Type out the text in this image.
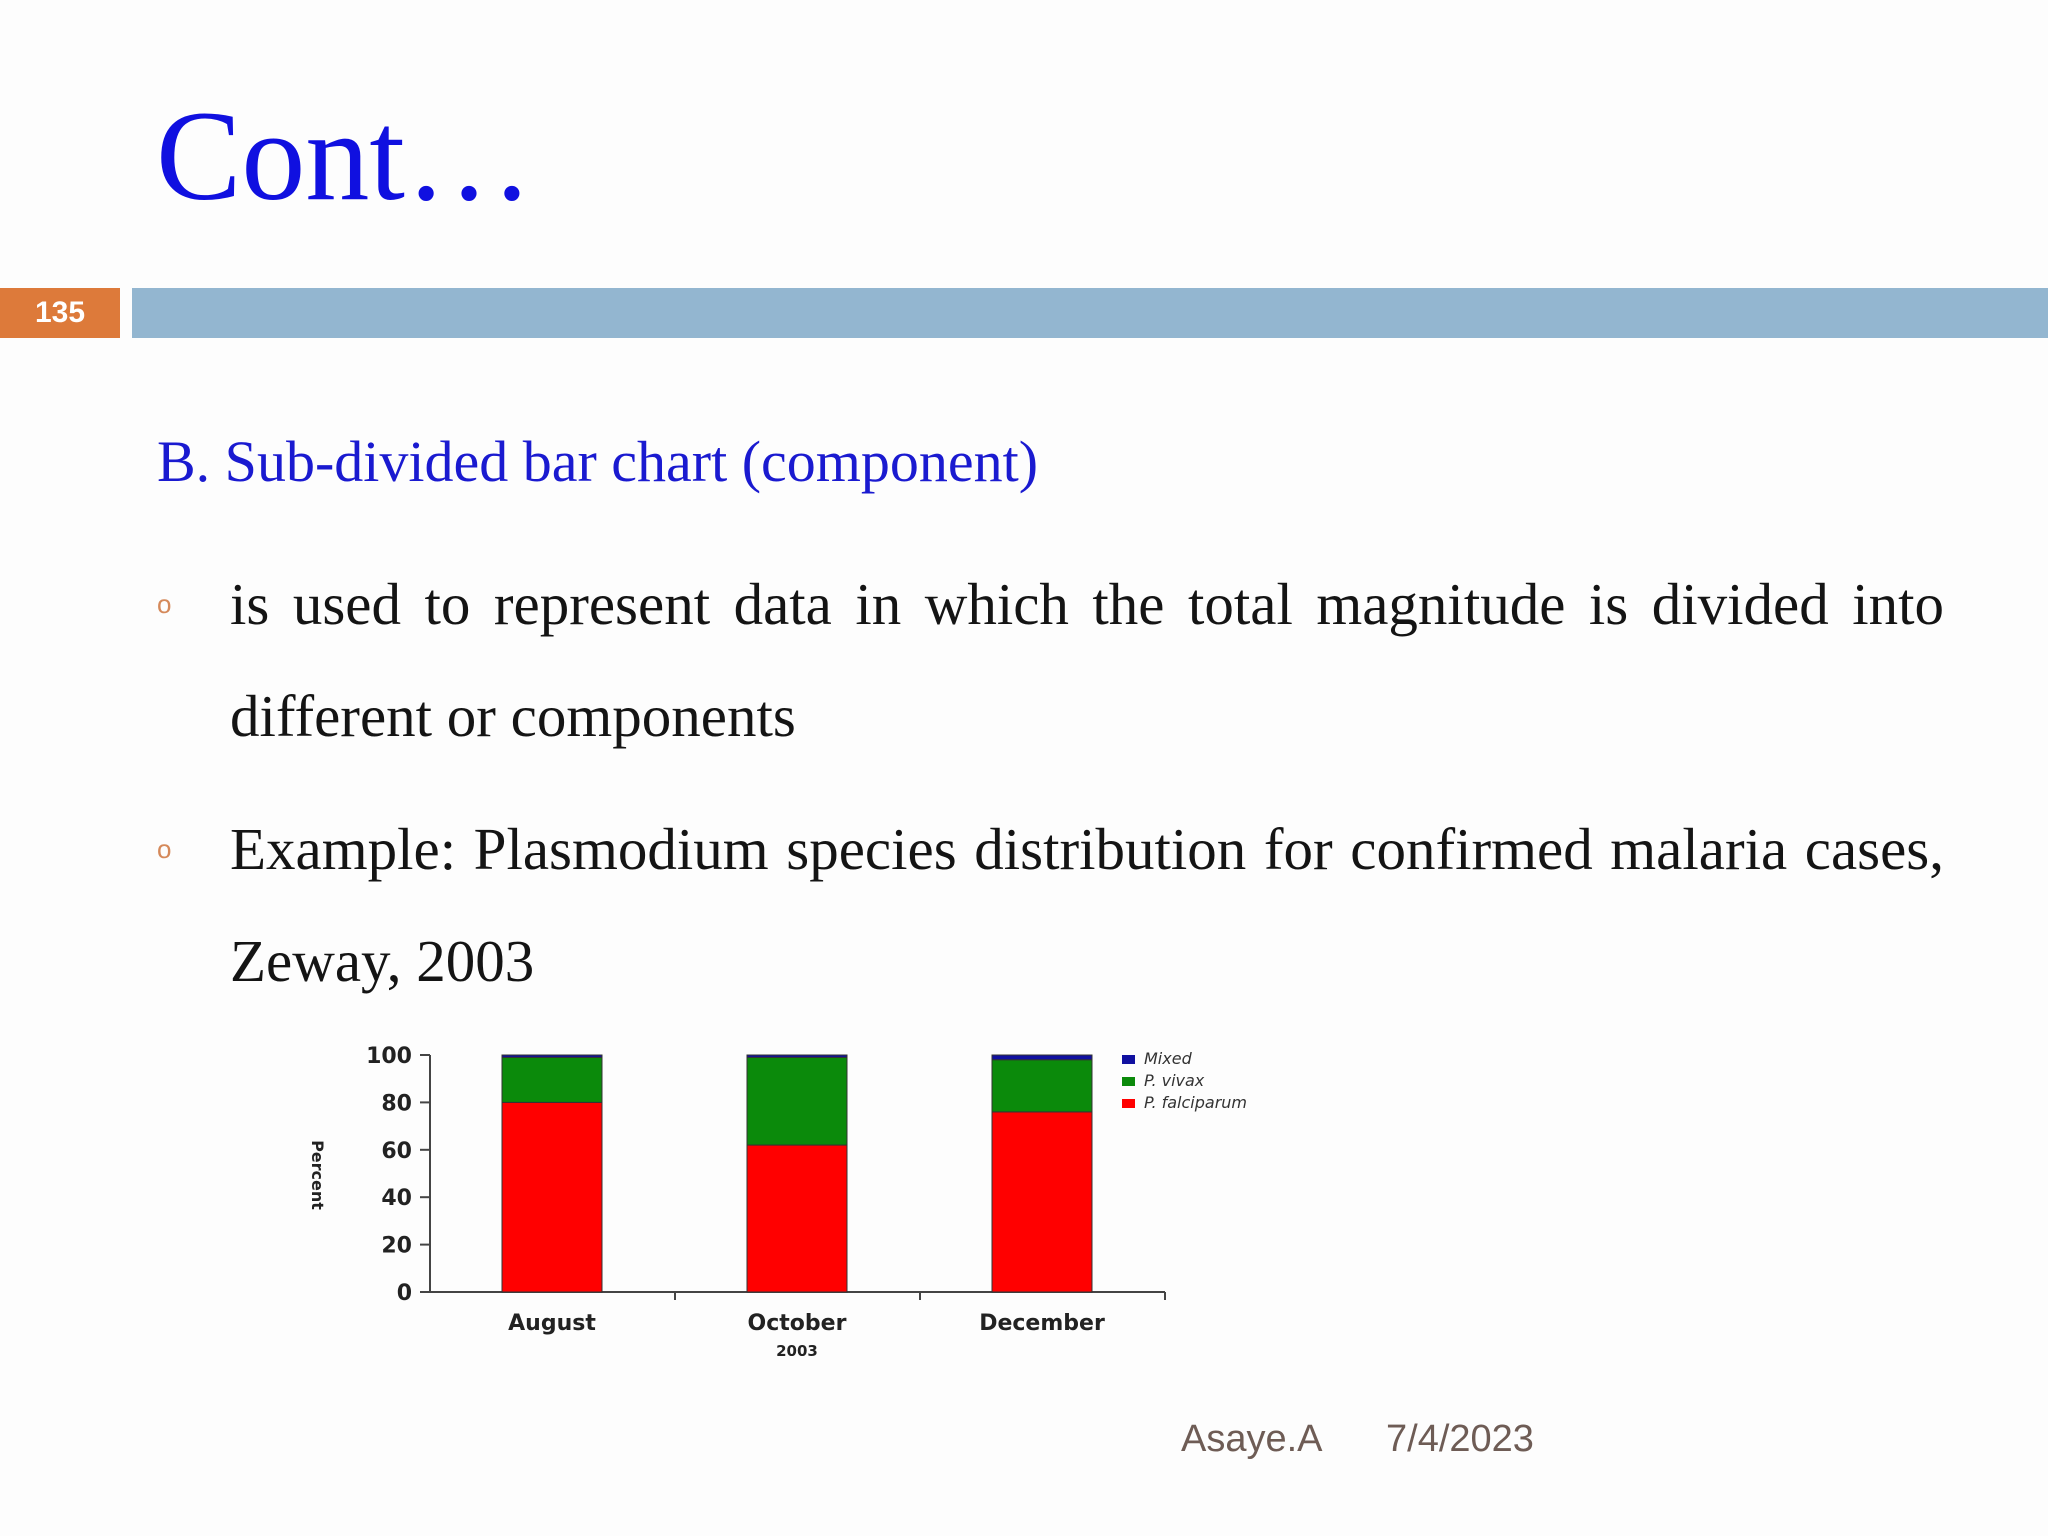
Cont…
135
B. Sub-divided bar chart (component)
o is used to represent data in which the total magnitude is divided into different or components
o Example: Plasmodium species distribution for confirmed malaria cases, Zeway, 2003
0
20
40
60
80
100
Percent
August	October	December
2003
Mixed
P. vivax
P. falciparum
Asaye.A 7/4/2023
